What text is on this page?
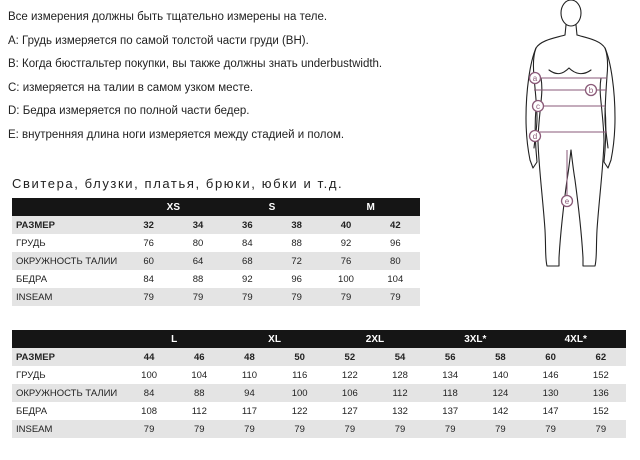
Все измерения должны быть тщательно измерены на теле.

A: Грудь измеряется по самой толстой части груди (ВН).

B: Когда бюстгальтер покупки, вы также должны знать underbustwidth.

C: измеряется на талии в самом узком месте.

D: Бедра измеряется по полной части бедер.

E: внутренняя длина ноги измеряется между стадией и полом.

a
b
c
d
e
Свитера, блузки, платья, брюки, юбки и т.д.
	XS		S		M	
РАЗМЕР	32	34	36	38	40	42
ГРУДЬ	76	80	84	88	92	96
ОКРУЖНОСТЬ ТАЛИИ	60	64	68	72	76	80
БЕДРА	84	88	92	96	100	104
INSEAM	79	79	79	79	79	79
	L		XL		2XL		3XL*		4XL*	
РАЗМЕР	44	46	48	50	52	54	56	58	60	62
ГРУДЬ	100	104	110	116	122	128	134	140	146	152
ОКРУЖНОСТЬ ТАЛИИ	84	88	94	100	106	112	118	124	130	136
БЕДРА	108	112	117	122	127	132	137	142	147	152
INSEAM	79	79	79	79	79	79	79	79	79	79
